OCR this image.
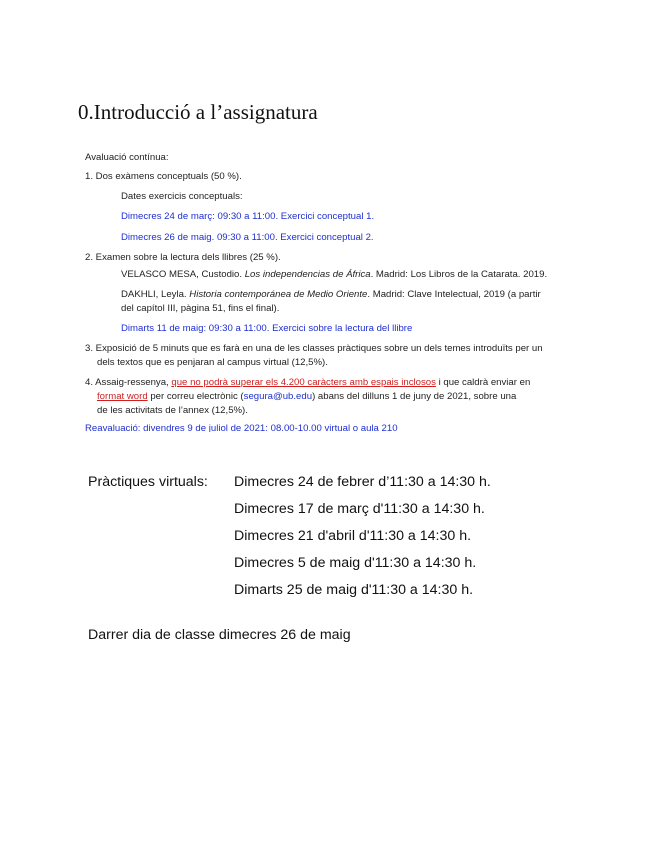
0.Introducció a l’assignatura
Avaluació contínua:
1. Dos exàmens conceptuals (50 %).
Dates exercicis conceptuals:
Dimecres 24 de març: 09:30 a 11:00. Exercici conceptual 1.
Dimecres 26 de maig. 09:30 a 11:00. Exercici conceptual 2.
2. Examen sobre la lectura dels llibres (25 %).
VELASCO MESA, Custodio. Los independencias de África. Madrid: Los Libros de la Catarata. 2019.
DAKHLI, Leyla. Historia contemporánea de Medio Oriente. Madrid: Clave Intelectual, 2019 (a partir
del capítol III, pàgina 51, fins el final).
Dimarts 11 de maig: 09:30 a 11:00. Exercici sobre la lectura del llibre
3. Exposició de 5 minuts que es farà en una de les classes pràctiques sobre un dels temes introduïts per un
dels textos que es penjaran al campus virtual (12,5%).
4. Assaig-ressenya, que no podrà superar els 4.200 caràcters amb espais inclosos i que caldrà enviar en
format word per correu electrònic (segura@ub.edu) abans del dilluns 1 de juny de 2021, sobre una
de les activitats de l’annex (12,5%).
Reavaluació: divendres 9 de juliol de 2021: 08.00-10.00 virtual o aula 210
Pràctiques virtuals: Dimecres 24 de febrer d’11:30 a 14:30 h.
Dimecres 17 de març d'11:30 a 14:30 h.
Dimecres 21 d'abril d'11:30 a 14:30 h.
Dimecres 5 de maig d'11:30 a 14:30 h.
Dimarts 25 de maig d'11:30 a 14:30 h.
Darrer dia de classe dimecres 26 de maig
